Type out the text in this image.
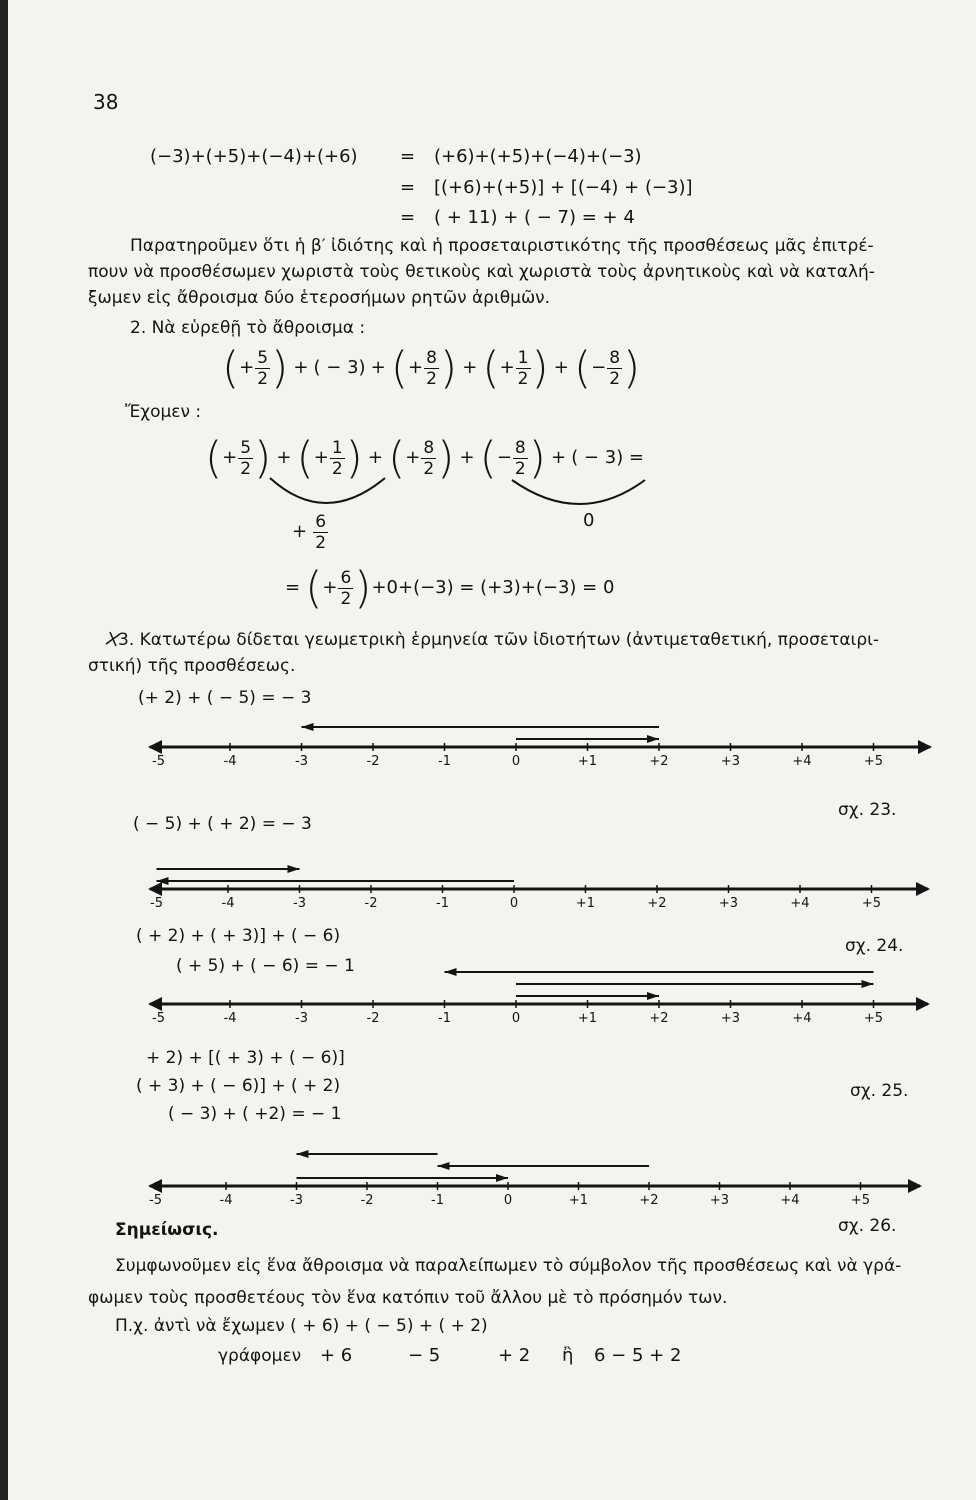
38
(−3)+(+5)+(−4)+(+6) = (+6)+(+5)+(−4)+(−3)
= [(+6)+(+5)] + [(−4) + (−3)]
= ( + 11) + ( − 7) = + 4
Παρατηροῦμεν ὅτι ἡ β′ ἰδιότης καὶ ἡ προσεταιριστικότης τῆς προσθέσεως μᾶς ἐπιτρέ-
πουν νὰ προσθέσωμεν χωριστὰ τοὺς θετικοὺς καὶ χωριστὰ τοὺς ἀρνητικοὺς καὶ νὰ καταλή-
ξωμεν εἰς ἄθροισμα δύο ἑτεροσήμων ρητῶν ἀριθμῶν.
2. Νὰ εὑρεθῇ τὸ ἄθροισμα :
(+ $\frac{5}{2}$ ) + ( − 3) + (+ $\frac{8}{2}$ ) + (+ $\frac{1}{2}$ ) + (− $\frac{8}{2}$ )
Ἔχομεν :
(+ $\frac{5}{2}$ ) + (+ $\frac{1}{2}$ ) + (+ $\frac{8}{2}$ ) + (− $\frac{8}{2}$ ) + ( − 3) =
+ $\frac{6}{2}$	0
= (+ $\frac{6}{2} )+0+(-3) = (+3)+(-3) = 0$
3. Κατωτέρω δίδεται γεωμετρικὴ ἑρμηνεία τῶν ἰδιοτήτων (ἀντιμεταθετική, προσεταιρι-
στική) τῆς προσθέσεως.
(+ 2) + ( − 5) = − 3
σχ. 23.
( − 5) + ( + 2) = − 3
σχ. 24.
( + 2) + ( + 3)] + ( − 6)
( + 5) + ( − 6) = − 1
σχ. 25.
+ 2) + [( + 3) + ( − 6)]
( + 3) + ( − 6)] + ( + 2)
( − 3) + ( +2) = − 1
σχ. 26.
Σημείωσις.
Συμφωνοῦμεν εἰς ἕνα ἄθροισμα νὰ παραλείπωμεν τὸ σύμβολον τῆς προσθέσεως καὶ νὰ γρά-
φωμεν τοὺς προσθετέους τὸν ἕνα κατόπιν τοῦ ἄλλου μὲ τὸ πρόσημόν των.
Π.χ. ἀντὶ νὰ ἔχωμεν ( + 6) + ( − 5) + ( + 2)
γράφομεν + 6	− 5	+ 2 ἢ 6 − 5 + 2
-5	-4	-3	-2	-1	0	+1	+2	+3	+4	+5
-5	-4	-3	-2	-1	0	+1	+2	+3	+4	+5
-5	-4	-3	-2	-1	0	+1	+2	+3	+4	+5
-5	-4	-3	-2	-1	0	+1	+2	+3	+4	+5
